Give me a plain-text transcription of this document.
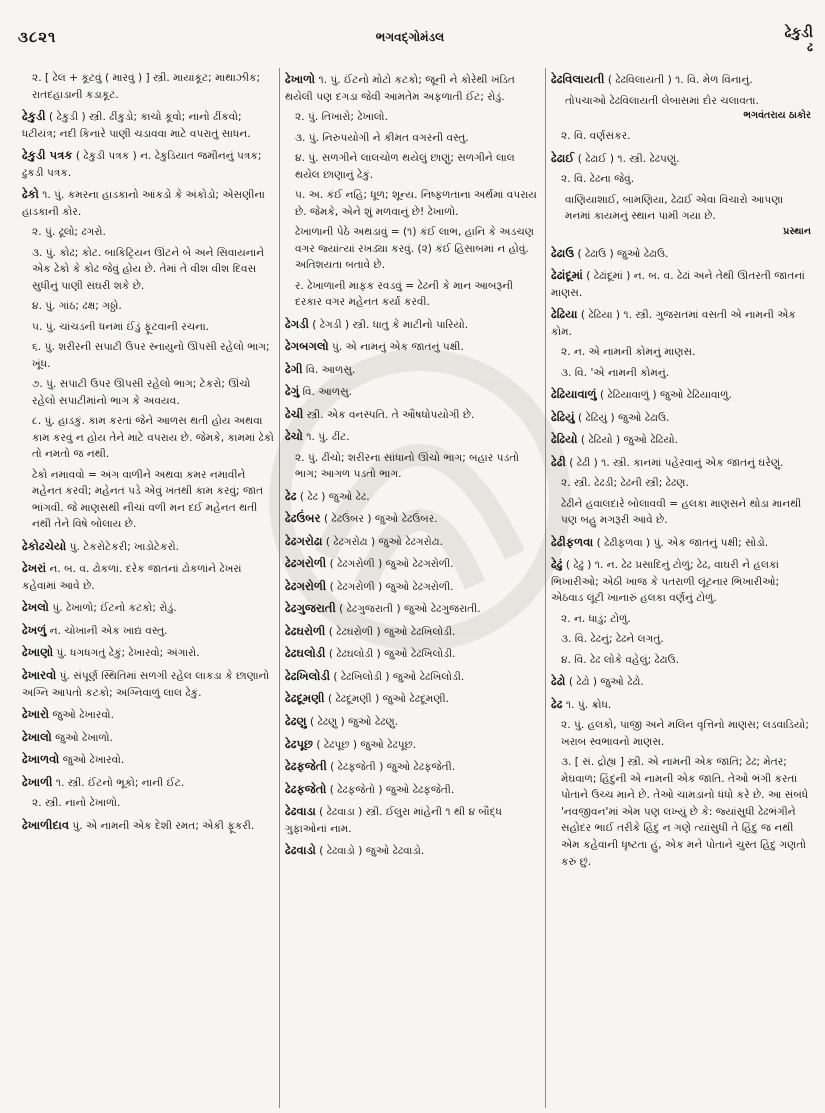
૩૮૨૧	ભગવદ્ગોમંડલ	ઢેકુડી
ઢ
૨. [ ઢેલ + કૂટવું ( મારવું ) ] સ્ત્રી. માયાકૂટ; માથાઝીક; રાતદહાડાની કડાકૂટ.
ઢેકુડી ( ઢેકુડી ) સ્ત્રી. ઢીંકુડો; કાચો કૂવો; નાનો ઢીંકવો; ધટીયંત્ર; નદી કિનારે પાણી ચડાવવા માટે વપરાતું સાધન.
ઢેકુડી પત્રક ( ઢેકુડી પત્રક ) ન. ઢેકુડિયાત જમીનનું પત્રક; ઢુકડી પત્રક.
ઢેકો ૧. પું. કમરના હાડકાનો આંકડો કે અંકોડો; એસણીના હાડકાની કોર.
૨. પું. ઢૂલો; ઢગરો.
૩. પું. કોઢ; કોટ. બાકિટ્રિયન ઊંટને બે અને સિવાયનાને એક ઢેકો કે કોઢ જેવું હોય છે. તેમાં તે વીશ વીશ દિવસ સુધીનું પાણી સંઘરી શકે છે.
૪. પું. ગાંઠ; ઢક્ષ; ગઠ્ઠો.
૫. પું. ચાંચડની ધનમાં ઈંડું ફૂટવાની રચના.
૬. પું. શરીરની સપાટી ઉપર સ્નાયુનો ઊપસી રહેલો ભાગ; ખૂંધ.
૭. પું. સપાટી ઉપર ઊપસી રહેલો ભાગ; ટેકરો; ઊંચો રહેલો સપાટીમાંનો ભાગ કે અવયવ.
૮. પું. હાડકું. કામ કરતાં જેને આળસ થતી હોય અથવા કામ કરવું ન હોય તેને માટે વપરાય છે. જેમકે, કામમાં ઢેકો તો નમતો જ નથી.
ઢેકો નમાવવો = અંગ વાળીને અથવા કમર નમાવીને મહેનત કરવી; મહેનત પડે એવું ખંતથી કામ કરવું; જાત ભાંગવી. જે માણસથી નીચાં વળી મન દઈ મહેનત થતી નથી તેને વિષે બોલાય છે.
ઢેકોઢચેયો પું. ટેકરોટેકરી; ખાડોટેકરો.
ઢેખરાં ન. બ. વ. ઢોકળાં. દરેક જાતનાં ઢોકળાંને ઢેખરાં કહેવામાં આવે છે.
ઢેખલો પું. ઢેખાળો; ઈંટનો કટકો; રોડું.
ઢેખળું ન. ચોખાની એક ખાદ્ય વસ્તુ.
ઢેખાણો પું. ધગધગતું ઢેકું; ઢેખારવો; અંગારો.
ઢેખારવો પું. સંપૂર્ણ સ્થિતિમાં સળગી રહેલ લાકડા કે છાણાનો અગ્નિ આપતો કટકો; અગ્નિવાળું લાલ ઢેકું.
ઢેખારો જુઓ ઢેખારવો.
ઢેખાલો જુઓ ઢેખાળો.
ઢેખાળવો જુઓ ઢેખારવો.
ઢેખાળી ૧. સ્ત્રી. ઈંટનો ભૂકો; નાની ઈંટ.
૨. સ્ત્રી. નાનો ઢેખાળો.
ઢેખાળીદાવ પું. એ નામની એક દેશી રમત; એકી ફૂકરી.
ઢેખાળો ૧. પું. ઈંટનો મોટો કટકો; જૂની ને કોરેથી ખંડિત થયેલી પણ દગડા જેવી આમતેમ અફળાતી ઈંટ; રોડું.
૨. પું. તિખારો; ઢેખાલો.
૩. પું. નિરુપયોગી ને કીમત વગરની વસ્તુ.
૪. પું. સળગીને લાલચોળ થયેલું છાણું; સળગીને લાલ થયેલ છાણાનું ઢેકું.
૫. અ. કંઈ નહિ; ધૂળ; શૂન્ય. નિષ્ફળતાના અર્થમાં વપરાય છે. જેમકે, એને શું મળવાનું છે! ઢેખાળો.
ઢેખાળાની પેઠે અથડાવું = (૧) કંઈ લાભ, હાનિ કે અડચણ વગર જ્યાંત્યાં રખડ્યા કરવું. (૨) કંઈ હિસાબમાં ન હોવું. અતિશયતા બતાવે છે.
ર. ઢેખાળાની માફક રવડવું = ઢેઢની કે માન આબરૂની દરકાર વગર મહેનત કર્યા કરવી.
ઢેગડી ( ઢેગડી ) સ્ત્રી. ધાતુ કે માટીનો પારિયો.
ઢેગબગલો પું. એ નામનું એક જાતનું પક્ષી.
ઢેગી વિ. આળસુ.
ઢેગું વિ. આળસુ.
ઢેચી સ્ત્રી. એક વનસ્પતિ. તે ઔષધોપયોગી છે.
ઢેચો ૧. પું. ઢીંટ.
૨. પું. ઢીંચો; શરીરના સાંધાનો ઊંચો ભાગ; બહાર પડતો ભાગ; આગળ પડતો ભાગ.
ઢેઢ ( ઢેઢ ) જુઓ ઢેઢ.
ઢેઢઉંબર ( ઢેઢઉંબર ) જુઓ ઢેઢઉંબર.
ઢેઢગરોઢા ( ઢેઢગરોઢા ) જુઓ ઢેઢગરોઢા.
ઢેઢગરોળી ( ઢેઢગરોળી ) જુઓ ઢેઢગરોળી.
ઢેઢગરોળી ( ઢેઢગરોળી ) જુઓ ઢેઢગરોળી.
ઢેઢગુજરાતી ( ઢેઢગુજરાતી ) જુઓ ઢેઢગુજરાતી.
ઢેઢઘરોળી ( ઢેઢઘરોળી ) જુઓ ઢેઢખિલોડી.
ઢેઢઘલોડી ( ઢેઢઘલોડી ) જુઓ ઢેઢખિલોડી.
ઢેઢખિલોડી ( ઢેઢખિલોડી ) જુઓ ઢેઢખિલોડી.
ઢેઢદૂમણી ( ઢેઢદૂમણી ) જુઓ ઢેઢદૂમણી.
ઢેઢણુ ( ઢેઢણુ ) જુઓ ઢેઢણુ.
ઢેઢપૂછ ( ઢેઢપૂછ ) જુઓ ઢેઢપૂછ.
ઢેઢફજેતી ( ઢેઢફજેતી ) જુઓ ઢેઢફજેતી.
ઢેઢફજેતો ( ઢેઢફજેતો ) જુઓ ઢેઢફજેતી.
ઢેઢવાડા ( ઢેઢવાડા ) સ્ત્રી. ઈલુરા માંહેની ૧ થી ૪ બૌદ્ધ ગુફાઓનાં નામ.
ઢેઢવાડો ( ઢેઢવાડો ) જુઓ ઢેઢવાડો.
ઢેઢવિલાયતી ( ઢેઢવિલાયતી ) ૧. વિ. મેળ વિનાનું.
તોપચાઓ ઢેઢવિલાયતી લેબાસમાં દોર ચલાવતા.
ભગવંતરાય ઠાકોર
૨. વિ. વર્ણસંકર.
ઢેઢાઈ ( ઢેઢાઈ ) ૧. સ્ત્રી. ઢેઢપણું.
૨. વિ. ઢેઢના જેવું.
વાણિયાશાઈ, બામણિયા, ઢેઢાઈ એવા વિચારો આપણા મનમાં કાયમનું સ્થાન પામી ગયા છે.
પ્રસ્થાન
ઢેઢાઉ ( ઢેઢાઉ ) જુઓ ઢેઢાઉ.
ઢેઢાંદૂમાં ( ઢેઢાંદૂમાં ) ન. બ. વ. ઢેઢાં અને તેથી ઊતરતી જાતનાં માણસ.
ઢેઢિયા ( ઢેઢિયા ) ૧. સ્ત્રી. ગુજરાતમાં વસતી એ નામની એક કોમ.
૨. ન. એ નામની કોમનું માણસ.
૩. વિ. 'એ નામની કોમનું.
ઢેઢિયાવાળું ( ઢેઢિયાવાળું ) જુઓ ઢેઢિયાવાળું.
ઢેઢિયું ( ઢેઢિયું ) જુઓ ઢેઢાઉ.
ઢેઢિયો ( ઢેઢિયો ) જુઓ ઢેઢિયો.
ઢેઢી ( ઢેઢી ) ૧. સ્ત્રી. કાનમાં પહેરવાનું એક જાતનું ઘરેણું.
૨. સ્ત્રી. ઢેઢડી; ઢેઢની સ્ત્રી; ઢેઢણ.
ઢેઢીને હવાલદારે બોલાવવી = હલકા માણસને થોડા માનથી પણ બહુ મગરૂરી આવે છે.
ઢેઢીફળવા ( ઢેઢીફળવા ) પું. એક જાતનું પક્ષી; સોડો.
ઢેઢું ( ઢેઢું ) ૧. ન. ઢેઢ પ્રસાદિનું ટોળું; ઢેઢ, વાઘરી ને હલકાં ભિખારીઓ; એઠી ખાજ કે પતરાળી લૂંટનાર ભિખારીઓ; એઠવાડ લૂંટી ખાનારું હલકા વર્ણનું ટોળું.
૨. ન. ધાડું; ટોળું.
૩. વિ. ઢેઢનું; ઢેઢને લગતું.
૪. વિ. ઢેઢ લોકે વહેલું; ઢેઢાઉ.
ઢેઢો ( ઢેઢો ) જુઓ ઢેઢો.
ઢેઢ ૧. પું. ક્રોધ.
૨. પું. હલકો, પાજી અને મલિન વૃત્તિનો માણસ; લડવાડિયો; ખરાબ સ્વભાવનો માણસ.
૩. [ સં. દ્રોહ્ય ] સ્ત્રી. એ નામની એક જાતિ; ઢેઢ; મેતર; મેઘવાળ; હિંદુની એ નામની એક જાતિ. તેઓ ભંગી કરતાં પોતાને ઉચ્ચ માને છે. તેઓ ચામડાંનો ધંધો કરે છે. આ સંબંધે 'નવજીવન'માં એમ પણ લખ્યું છે કે: જ્યાંસુધી ઢેઢભંગીને સહોદર ભાઈ તરીકે હિંદુ ન ગણે ત્યાંસુધી તે હિંદુ જ નથી એમ કહેવાની ધૃષ્ટતા હું, એક મને પોતાને ચુસ્ત હિંદુ ગણતો કરું છું.
